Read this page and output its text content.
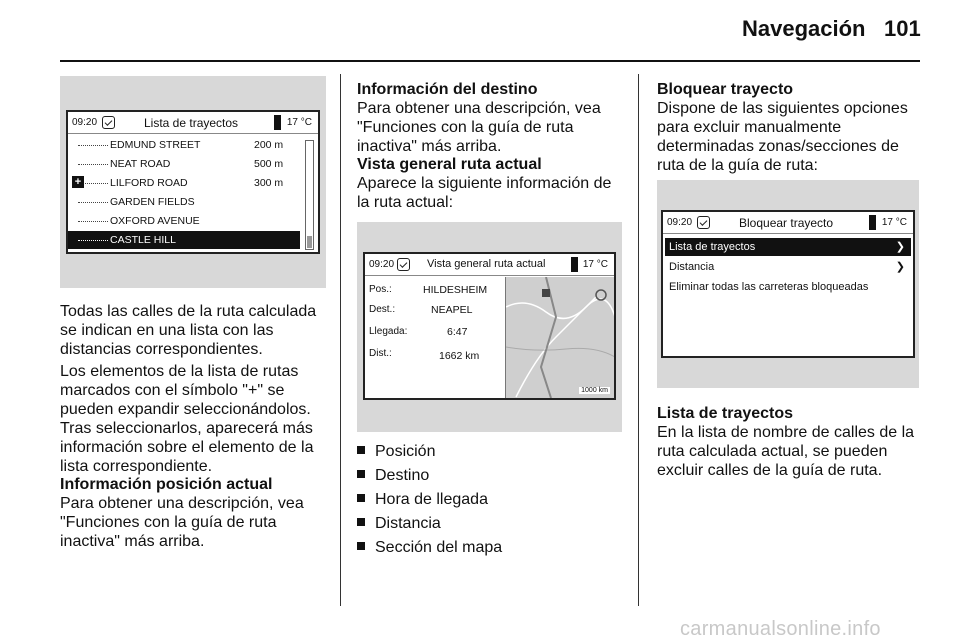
Navegación 101
09:20	Lista de trayectos	17 °C
EDMUND STREET	200 m
NEAT ROAD	500 m
LILFORD ROAD	300 m
+
GARDEN FIELDS
OXFORD AVENUE
CASTLE HILL
Todas las calles de la ruta calculada se indican en una lista con las distancias correspondientes.
Los elementos de la lista de rutas marcados con el símbolo "+" se pueden expandir seleccionándolos. Tras seleccionarlos, aparecerá más información sobre el elemento de la lista correspondiente.
Información posición actual
Para obtener una descripción, vea "Funciones con la guía de ruta inactiva" más arriba.
Información del destino
Para obtener una descripción, vea "Funciones con la guía de ruta inactiva" más arriba.
Vista general ruta actual
Aparece la siguiente información de la ruta actual:
09:20	Vista general ruta actual	17 °C
Pos.:	HILDESHEIM
Dest.:	NEAPEL
Llegada:	6:47
Dist.:	1662 km
1000 km
Posición
Destino
Hora de llegada
Distancia
Sección del mapa
Bloquear trayecto
Dispone de las siguientes opciones para excluir manualmente determinadas zonas/secciones de ruta de la guía de ruta:
09:20	Bloquear trayecto	17 °C
Lista de trayectos	❯
Distancia	❯
Eliminar todas las carreteras bloqueadas
Lista de trayectos
En la lista de nombre de calles de la ruta calculada actual, se pueden excluir calles de la guía de ruta.
carmanualsonline.info
